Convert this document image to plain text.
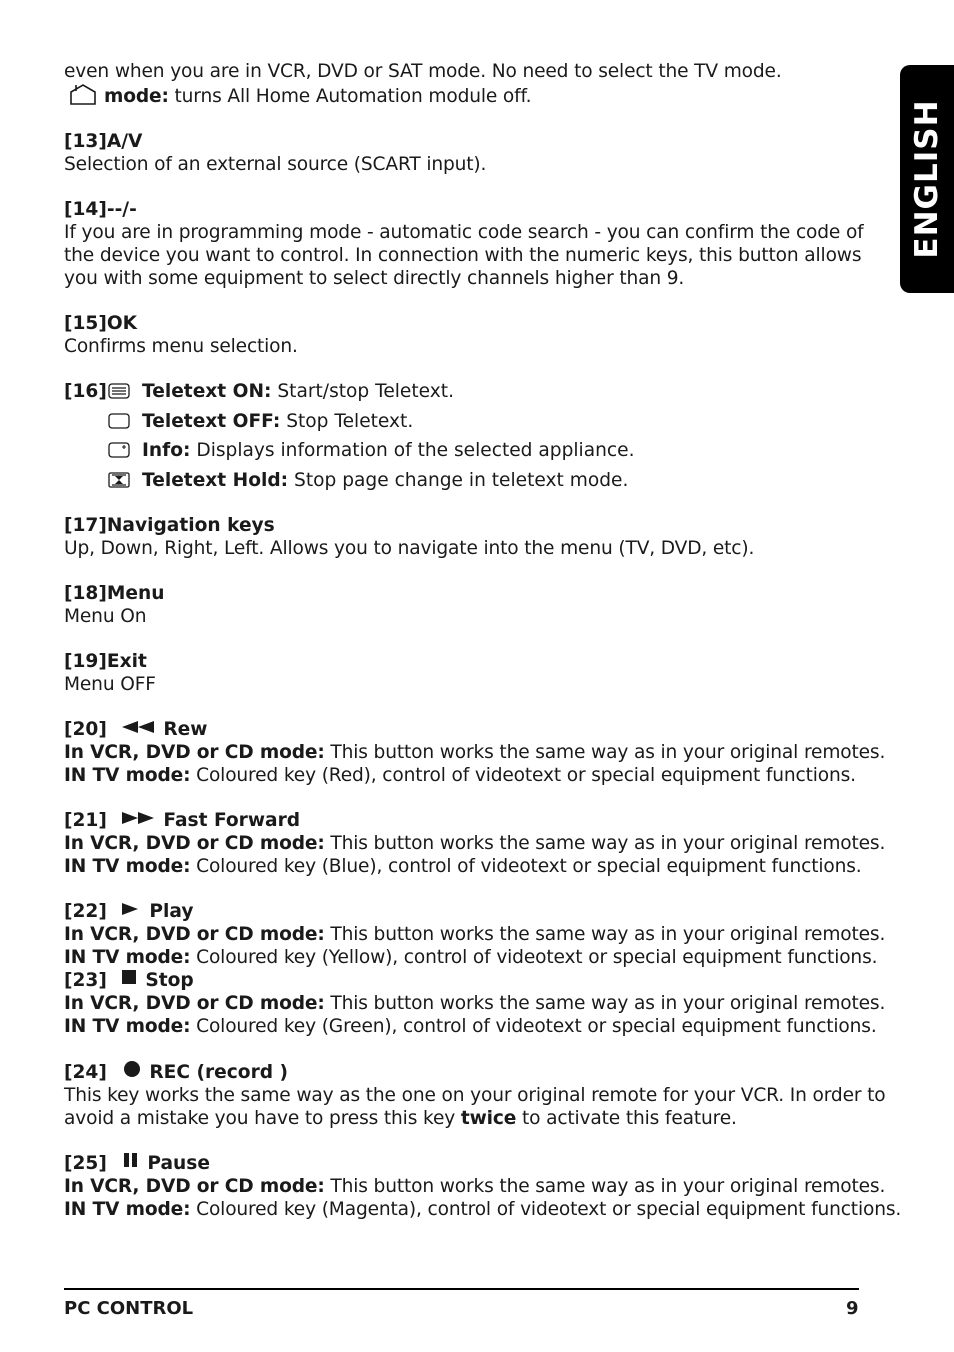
ENGLISH
even when you are in VCR, DVD or SAT mode. No need to select the TV mode.
mode: turns All Home Automation module off.
[13]A/V
Selection of an external source (SCART input).
[14]--/-
If you are in programming mode - automatic code search - you can confirm the code of
the device you want to control. In connection with the numeric keys, this button allows
you with some equipment to select directly channels higher than 9.
[15]OK
Confirms menu selection.
[16] Teletext ON: Start/stop Teletext.
Teletext OFF: Stop Teletext.
Info: Displays information of the selected appliance.
Teletext Hold: Stop page change in teletext mode.
[17]Navigation keys
Up, Down, Right, Left. Allows you to navigate into the menu (TV, DVD, etc).
[18]Menu
Menu On
[19]Exit
Menu OFF
[20]	Rew
In VCR, DVD or CD mode: This button works the same way as in your original remotes.
IN TV mode: Coloured key (Red), control of videotext or special equipment functions.
[21]	Fast Forward
In VCR, DVD or CD mode: This button works the same way as in your original remotes.
IN TV mode: Coloured key (Blue), control of videotext or special equipment functions.
[22] Play
In VCR, DVD or CD mode: This button works the same way as in your original remotes.
IN TV mode: Coloured key (Yellow), control of videotext or special equipment functions.
[23] Stop
In VCR, DVD or CD mode: This button works the same way as in your original remotes.
IN TV mode: Coloured key (Green), control of videotext or special equipment functions.
[24] REC (record )
This key works the same way as the one on your original remote for your VCR. In order to
avoid a mistake you have to press this key twice to activate this feature.
[25] Pause
In VCR, DVD or CD mode: This button works the same way as in your original remotes.
IN TV mode: Coloured key (Magenta), control of videotext or special equipment functions.
PC CONTROL	9
